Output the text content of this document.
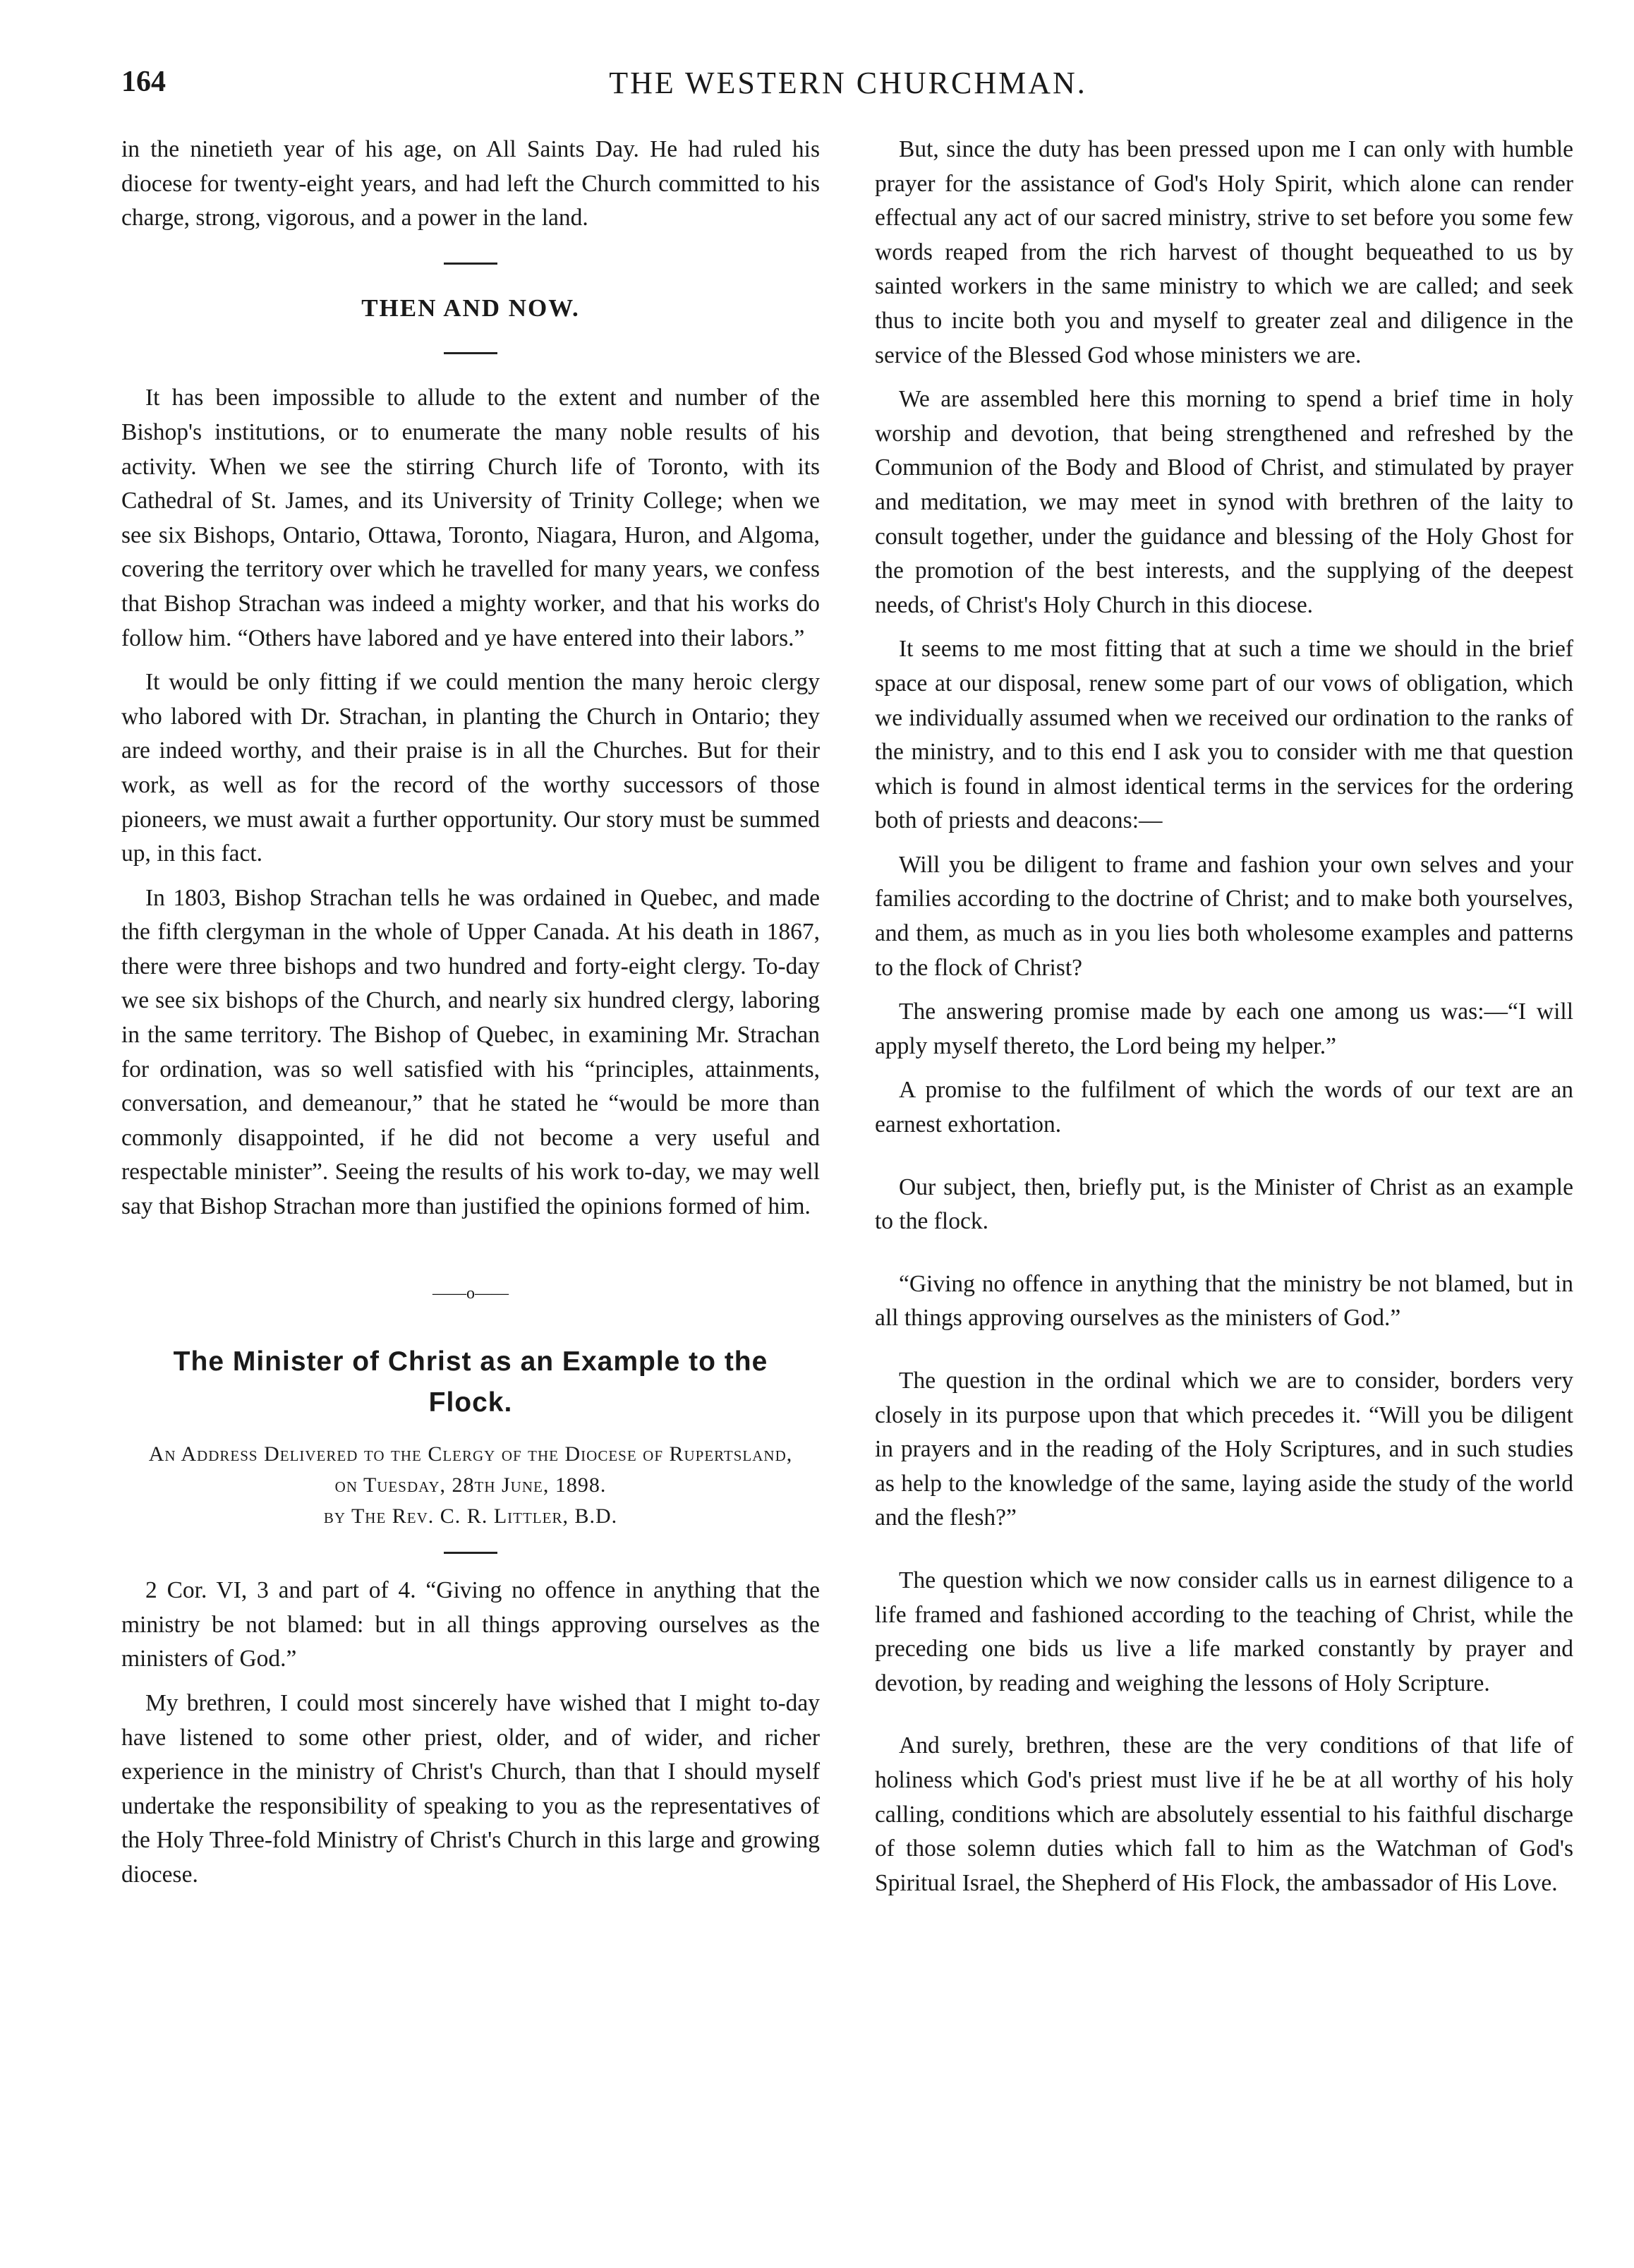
164	THE WESTERN CHURCHMAN.

in the ninetieth year of his age, on All Saints Day. He had ruled his diocese for twenty-eight years, and had left the Church committed to his charge, strong, vigorous, and a power in the land.

THEN AND NOW.

It has been impossible to allude to the extent and number of the Bishop's institutions, or to enumerate the many noble results of his activity. When we see the stirring Church life of Toronto, with its Cathedral of St. James, and its University of Trinity College; when we see six Bishops, Ontario, Ottawa, Toronto, Niagara, Huron, and Algoma, covering the territory over which he travelled for many years, we confess that Bishop Strachan was indeed a mighty worker, and that his works do follow him. “Others have labored and ye have entered into their labors.”

It would be only fitting if we could mention the many heroic clergy who labored with Dr. Strachan, in planting the Church in Ontario; they are indeed worthy, and their praise is in all the Churches. But for their work, as well as for the record of the worthy successors of those pioneers, we must await a further opportunity. Our story must be summed up, in this fact.

In 1803, Bishop Strachan tells he was ordained in Quebec, and made the fifth clergyman in the whole of Upper Canada. At his death in 1867, there were three bishops and two hundred and forty-eight clergy. To-day we see six bishops of the Church, and nearly six hundred clergy, laboring in the same territory. The Bishop of Quebec, in examining Mr. Strachan for ordination, was so well satisfied with his “principles, attainments, conversation, and demeanour,” that he stated he “would be more than commonly disappointed, if he did not become a very useful and respectable minister”. Seeing the results of his work to-day, we may well say that Bishop Strachan more than justified the opinions formed of him.

——o——
The Minister of Christ as an Example to the Flock.
An Address Delivered to the Clergy of the Diocese of Rupertsland, on Tuesday, 28th June, 1898.
by The Rev. C. R. Littler, B.D.

2 Cor. VI, 3 and part of 4. “Giving no offence in anything that the ministry be not blamed: but in all things approving ourselves as the ministers of God.”

My brethren, I could most sincerely have wished that I might to-day have listened to some other priest, older, and of wider, and richer experience in the ministry of Christ's Church, than that I should myself undertake the responsibility of speaking to you as the representatives of the Holy Three-fold Ministry of Christ's Church in this large and growing diocese.

But, since the duty has been pressed upon me I can only with humble prayer for the assistance of God's Holy Spirit, which alone can render effectual any act of our sacred ministry, strive to set before you some few words reaped from the rich harvest of thought bequeathed to us by sainted workers in the same ministry to which we are called; and seek thus to incite both you and myself to greater zeal and diligence in the service of the Blessed God whose ministers we are.

We are assembled here this morning to spend a brief time in holy worship and devotion, that being strengthened and refreshed by the Communion of the Body and Blood of Christ, and stimulated by prayer and meditation, we may meet in synod with brethren of the laity to consult together, under the guidance and blessing of the Holy Ghost for the promotion of the best interests, and the supplying of the deepest needs, of Christ's Holy Church in this diocese.

It seems to me most fitting that at such a time we should in the brief space at our disposal, renew some part of our vows of obligation, which we individually assumed when we received our ordination to the ranks of the ministry, and to this end I ask you to consider with me that question which is found in almost identical terms in the services for the ordering both of priests and deacons:—

Will you be diligent to frame and fashion your own selves and your families according to the doctrine of Christ; and to make both yourselves, and them, as much as in you lies both wholesome examples and patterns to the flock of Christ?

The answering promise made by each one among us was:—“I will apply myself thereto, the Lord being my helper.”

A promise to the fulfilment of which the words of our text are an earnest exhortation.

Our subject, then, briefly put, is the Minister of Christ as an example to the flock.

“Giving no offence in anything that the ministry be not blamed, but in all things approving ourselves as the ministers of God.”

The question in the ordinal which we are to consider, borders very closely in its purpose upon that which precedes it. “Will you be diligent in prayers and in the reading of the Holy Scriptures, and in such studies as help to the knowledge of the same, laying aside the study of the world and the flesh?”

The question which we now consider calls us in earnest diligence to a life framed and fashioned according to the teaching of Christ, while the preceding one bids us live a life marked constantly by prayer and devotion, by reading and weighing the lessons of Holy Scripture.

And surely, brethren, these are the very conditions of that life of holiness which God's priest must live if he be at all worthy of his holy calling, conditions which are absolutely essential to his faithful discharge of those solemn duties which fall to him as the Watchman of God's Spiritual Israel, the Shepherd of His Flock, the ambassador of His Love.
